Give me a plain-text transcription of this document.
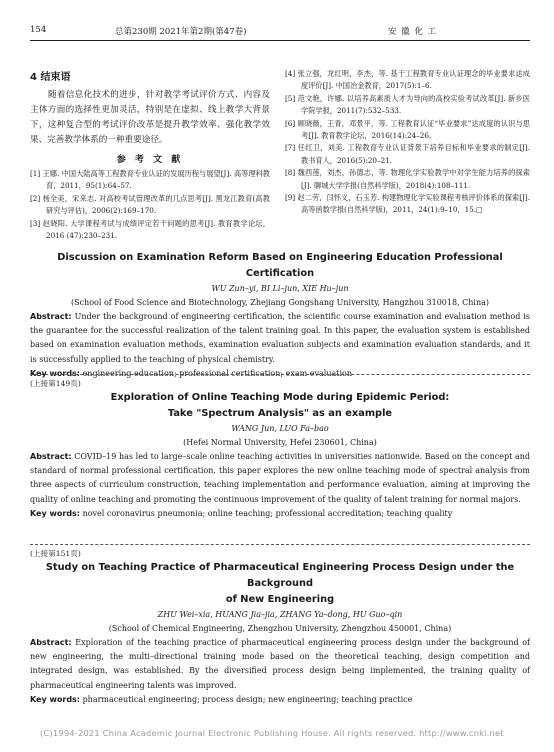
154	总第230期 2021年第2期(第47卷)	安 徽 化 工
4 结束语

随着信息化技术的进步，针对教学考试评价方式、内容及主体方面的选择性更加灵活，特别是在虚拟、线上教学大背景下，这种复合型的考试评价改革是提升教学效率、强化教学效果、完善教学体系的一种重要途径。

参 考 文 献

[1] 王娜. 中国大陆高等工程教育专业认证的发展历程与展望[J]. 高等理科教育，2011，95(1):64–57.

[2] 杨全美，宋来志. 对高校考试管理改革的几点思考[J]. 黑龙江教育(高教研究与评估)，2006(2):169–170.

[3] 赵晓阳. 大学课程考试与成绩评定若干问题的思考[J]. 教育教学论坛，2016 (47):230–231.

[4] 张立强，龙红明，李杰，等. 基于工程教育专业认证理念的毕业要求达成度评价[J]. 中国冶金教育，2017(5):1–6.

[5] 范文艳，许娜. 以培养高素质人才为导向的高校实验考试改革[J]. 新乡医学院学报，2011(7):532–533.

[6] 顾晓薇，王青，邓景平，等. 工程教育认证“毕业要求”达成度的认识与思考[J]. 教育教学论坛，2016(14):24–26.

[7] 任红卫，刘美. 工程教育专业认证背景下培养目标和毕业要求的制定[J]. 教书育人，2016(5):20–21.

[8] 魏西莲，刘杰，孙德志，等. 物理化学实验教学中对学生能力培养的探索[J]. 聊城大学学报(自然科学版)，2018(4):108–111.

[9] 赵二劳，闫怀义，石玉芳. 构建物理化学实验课程考核评价体系的探索[J]. 高等函数学报(自然科学版)，2011，24(1):9–10，15.□

Discussion on Examination Reform Based on Engineering Education Professional Certification
WU Zun–yi, BI Li–jun, XIE Hu–jun
(School of Food Science and Biotechnology, Zhejiang Gongshang University, Hangzhou 310018, China)

Abstract: Under the background of engineering certification, the scientific course examination and evaluation method is the guarantee for the successful realization of the talent training goal. In this paper, the evaluation system is established based on examination evaluation methods, examination evaluation subjects and examination evaluation standards, and it is successfully applied to the teaching of physical chemistry.

Key words: engineering education; professional certification; exam evaluation

(上接第149页)
Exploration of Online Teaching Mode during Epidemic Period:
Take "Spectrum Analysis" as an example
WANG Jun, LUO Fa–bao
(Hefei Normal University, Hefei 230601, China)

Abstract: COVID–19 has led to large–scale online teaching activities in universities nationwide. Based on the concept and standard of normal professional certification, this paper explores the new online teaching mode of spectral analysis from three aspects of curriculum construction, teaching implementation and performance evaluation, aiming at improving the quality of online teaching and promoting the continuous improvement of the quality of talent training for normal majors.

Key words: novel coronavirus pneumonia; online teaching; professional accreditation; teaching quality

(上接第151页)
Study on Teaching Practice of Pharmaceutical Engineering Process Design under the Background
of New Engineering
ZHU Wei–xia, HUANG Jia–jia, ZHANG Ya–dong, HU Guo–qin
(School of Chemical Engineering, Zhengzhou University, Zhengzhou 450001, China)

Abstract: Exploration of the teaching practice of pharmaceutical engineering process design under the background of new engineering, the multi–directional training mode based on the theoretical teaching, design competition and integrated design, was established. By the diversified process design being implemented, the training quality of pharmaceutical engineering talents was improved.

Key words: pharmaceutical engineering; process design; new engineering; teaching practice

(C)1994-2021 China Academic Journal Electronic Publishing House. All rights reserved. http://www.cnki.net
